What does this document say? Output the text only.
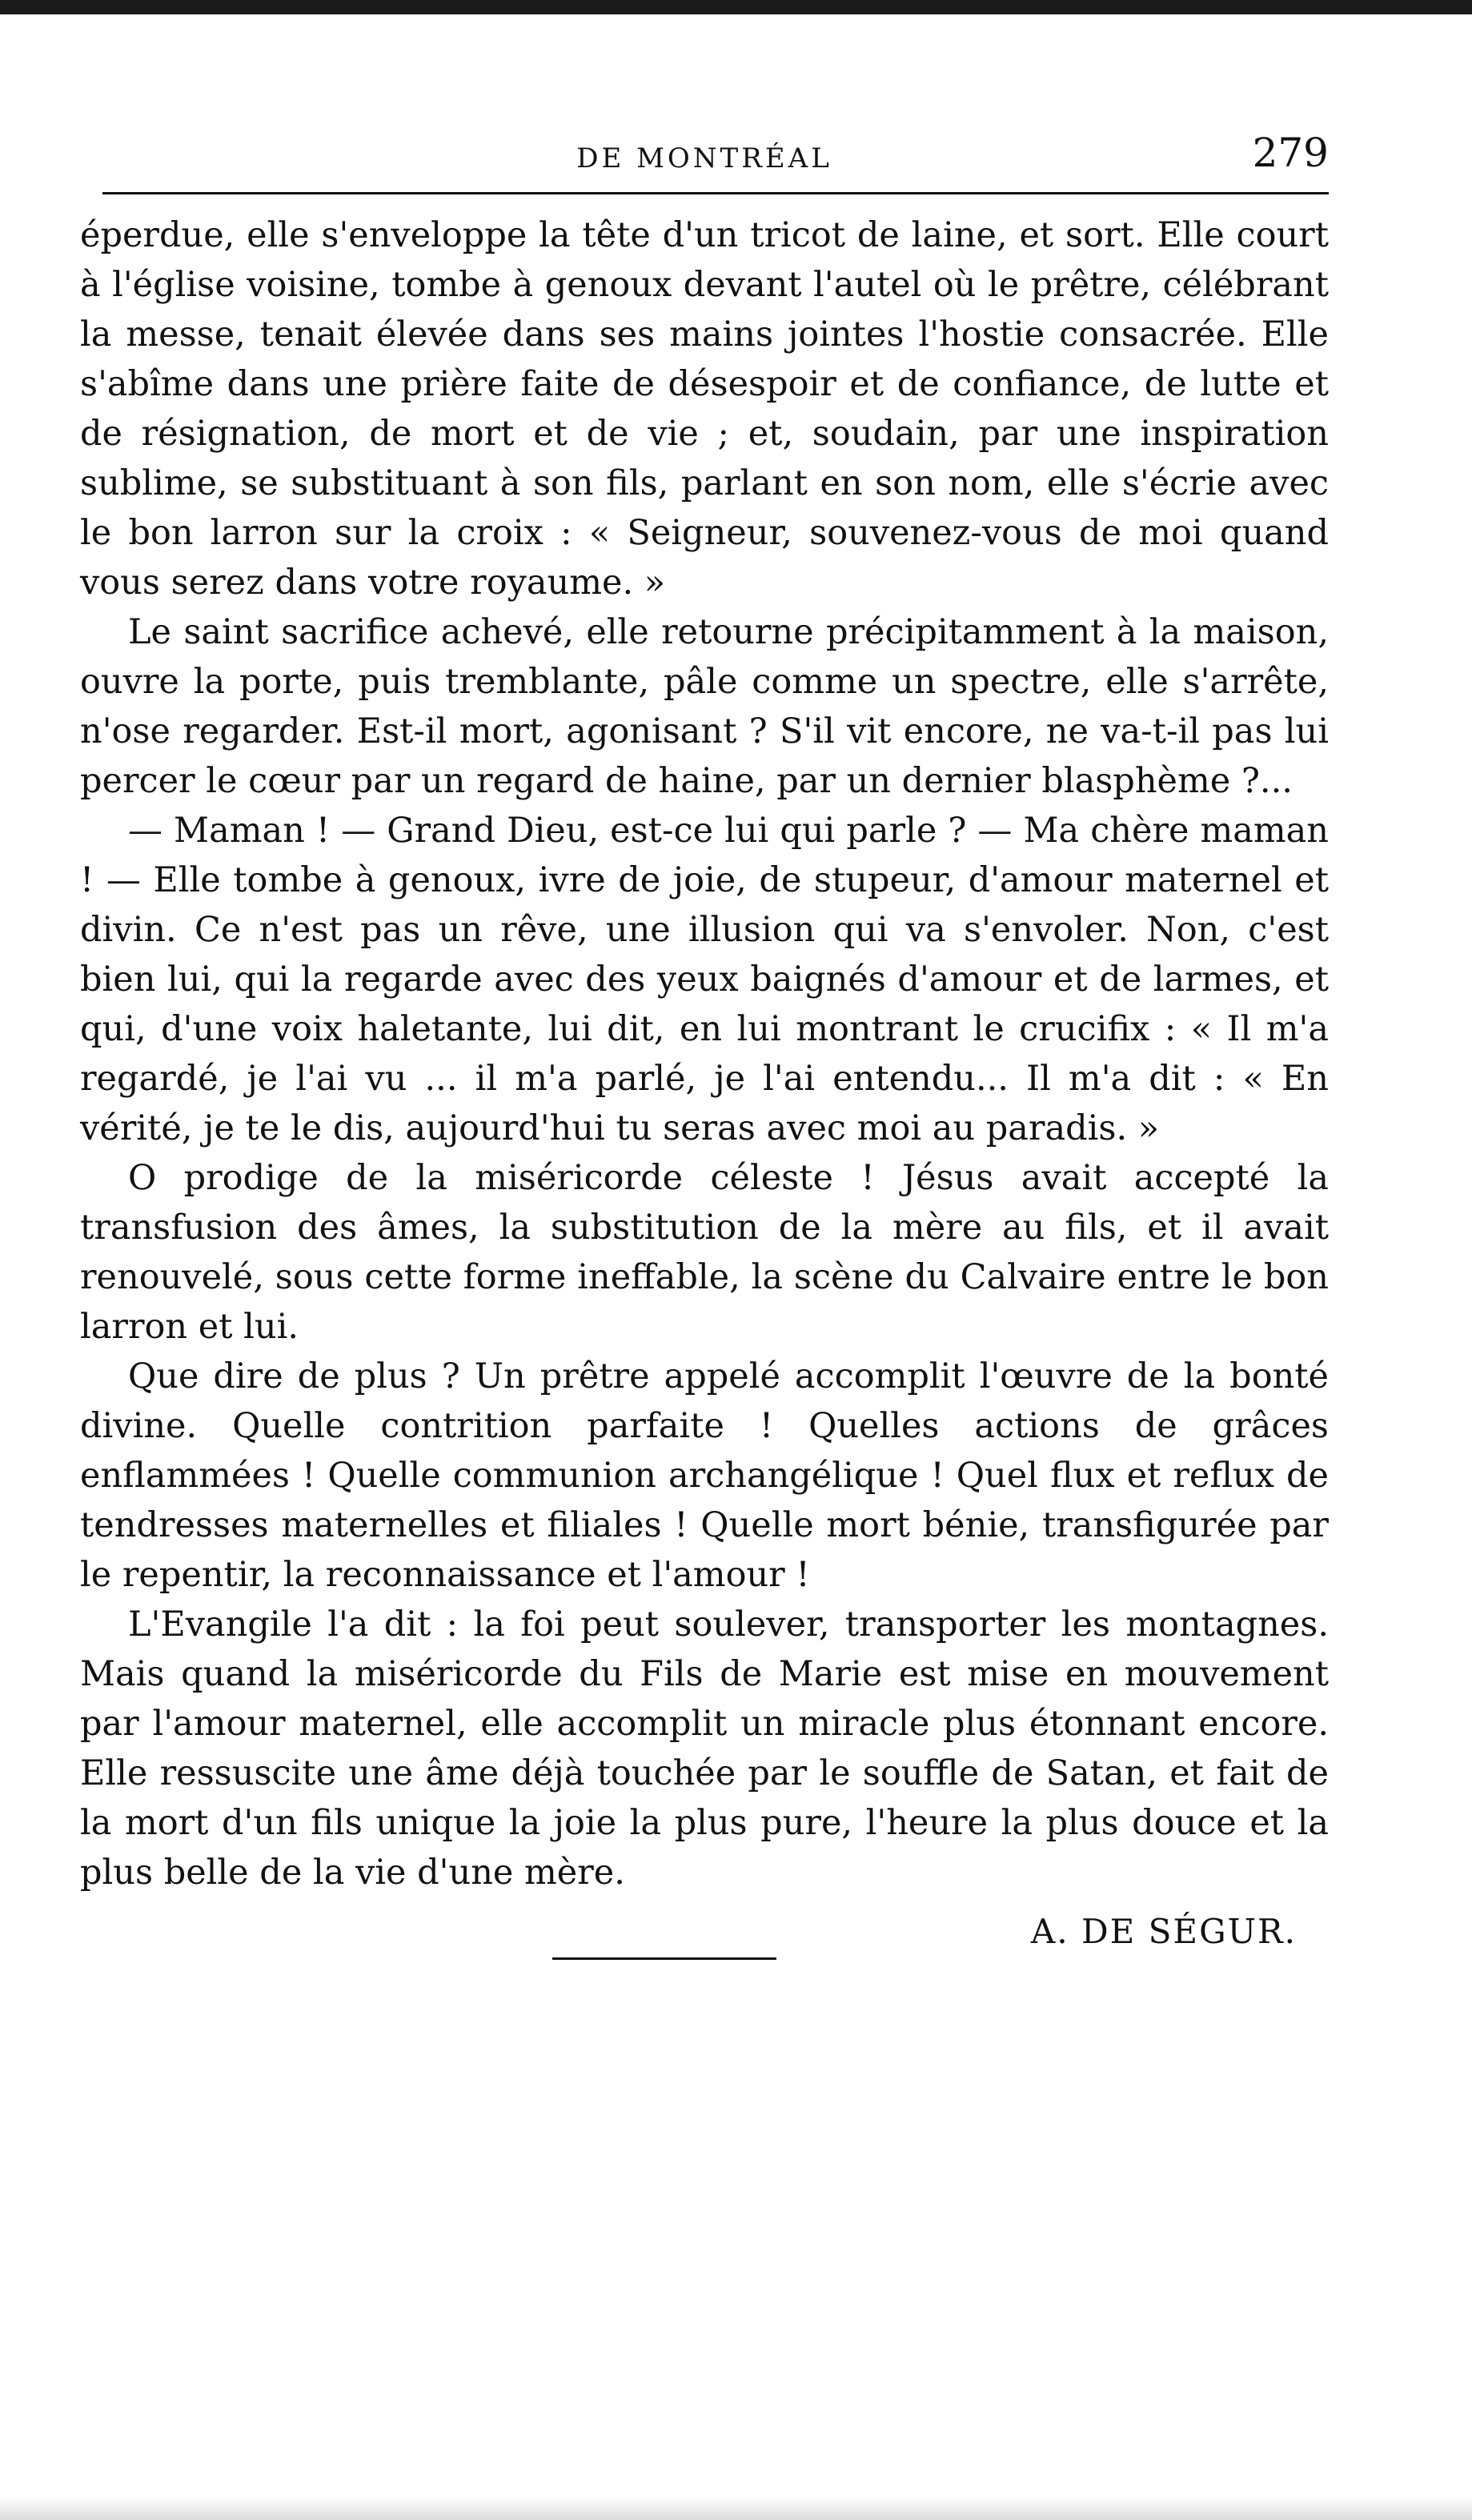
DE MONTRÉAL	279

éperdue, elle s'enveloppe la tête d'un tricot de laine, et sort. Elle court à l'église voisine, tombe à genoux devant l'autel où le prêtre, célébrant la messe, tenait élevée dans ses mains jointes l'hostie consacrée. Elle s'abîme dans une prière faite de désespoir et de confiance, de lutte et de résignation, de mort et de vie ; et, soudain, par une inspiration sublime, se substituant à son fils, parlant en son nom, elle s'écrie avec le bon larron sur la croix : « Seigneur, souvenez-vous de moi quand vous serez dans votre royaume. »

Le saint sacrifice achevé, elle retourne précipitamment à la maison, ouvre la porte, puis tremblante, pâle comme un spectre, elle s'arrête, n'ose regarder. Est-il mort, agonisant ? S'il vit encore, ne va-t-il pas lui percer le cœur par un regard de haine, par un dernier blasphème ?...

— Maman ! — Grand Dieu, est-ce lui qui parle ? — Ma chère maman ! — Elle tombe à genoux, ivre de joie, de stupeur, d'amour maternel et divin. Ce n'est pas un rêve, une illusion qui va s'envoler. Non, c'est bien lui, qui la regarde avec des yeux baignés d'amour et de larmes, et qui, d'une voix haletante, lui dit, en lui montrant le crucifix : « Il m'a regardé, je l'ai vu ... il m'a parlé, je l'ai entendu... Il m'a dit : « En vérité, je te le dis, aujourd'hui tu seras avec moi au paradis. »

O prodige de la miséricorde céleste ! Jésus avait accepté la transfusion des âmes, la substitution de la mère au fils, et il avait renouvelé, sous cette forme ineffable, la scène du Calvaire entre le bon larron et lui.

Que dire de plus ? Un prêtre appelé accomplit l'œuvre de la bonté divine. Quelle contrition parfaite ! Quelles actions de grâces enflammées ! Quelle communion archangélique ! Quel flux et reflux de tendresses maternelles et filiales ! Quelle mort bénie, transfigurée par le repentir, la reconnaissance et l'amour !

L'Evangile l'a dit : la foi peut soulever, transporter les montagnes. Mais quand la miséricorde du Fils de Marie est mise en mouvement par l'amour maternel, elle accomplit un miracle plus étonnant encore. Elle ressuscite une âme déjà touchée par le souffle de Satan, et fait de la mort d'un fils unique la joie la plus pure, l'heure la plus douce et la plus belle de la vie d'une mère.

A. DE SÉGUR.
